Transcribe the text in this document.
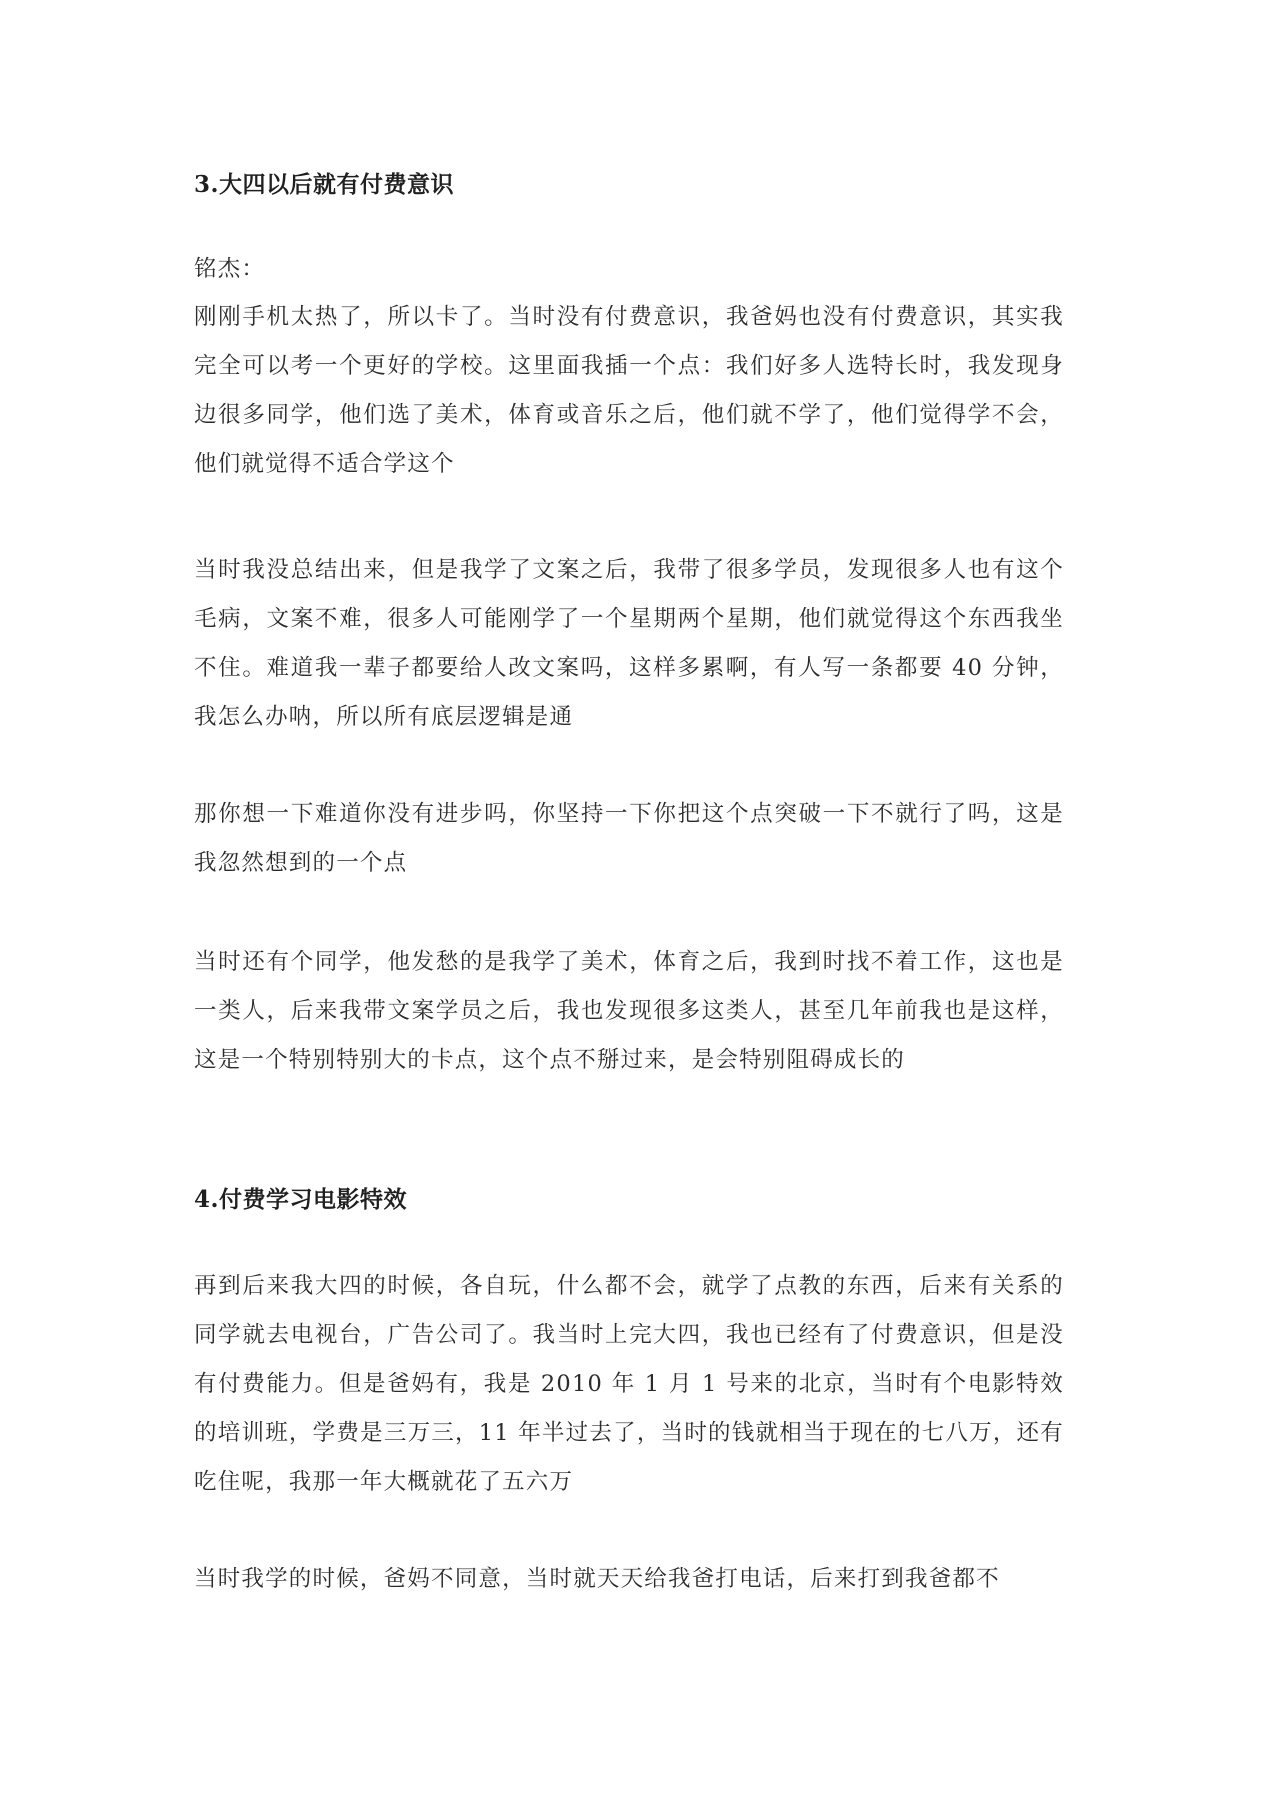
3.大四以后就有付费意识

铭杰：

刚刚手机太热了，所以卡了。当时没有付费意识，我爸妈也没有付费意识，其实我完全可以考一个更好的学校。这里面我插一个点：我们好多人选特长时，我发现身边很多同学，他们选了美术，体育或音乐之后，他们就不学了，他们觉得学不会，他们就觉得不适合学这个

当时我没总结出来，但是我学了文案之后，我带了很多学员，发现很多人也有这个毛病，文案不难，很多人可能刚学了一个星期两个星期，他们就觉得这个东西我坐不住。难道我一辈子都要给人改文案吗，这样多累啊，有人写一条都要 40 分钟，我怎么办呐，所以所有底层逻辑是通

那你想一下难道你没有进步吗，你坚持一下你把这个点突破一下不就行了吗，这是我忽然想到的一个点

当时还有个同学，他发愁的是我学了美术，体育之后，我到时找不着工作，这也是一类人，后来我带文案学员之后，我也发现很多这类人，甚至几年前我也是这样，这是一个特别特别大的卡点，这个点不掰过来，是会特别阻碍成长的

4.付费学习电影特效

再到后来我大四的时候，各自玩，什么都不会，就学了点教的东西，后来有关系的同学就去电视台，广告公司了。我当时上完大四，我也已经有了付费意识，但是没有付费能力。但是爸妈有，我是 2010 年 1 月 1 号来的北京，当时有个电影特效的培训班，学费是三万三，11 年半过去了，当时的钱就相当于现在的七八万，还有吃住呢，我那一年大概就花了五六万

当时我学的时候，爸妈不同意，当时就天天给我爸打电话，后来打到我爸都不
